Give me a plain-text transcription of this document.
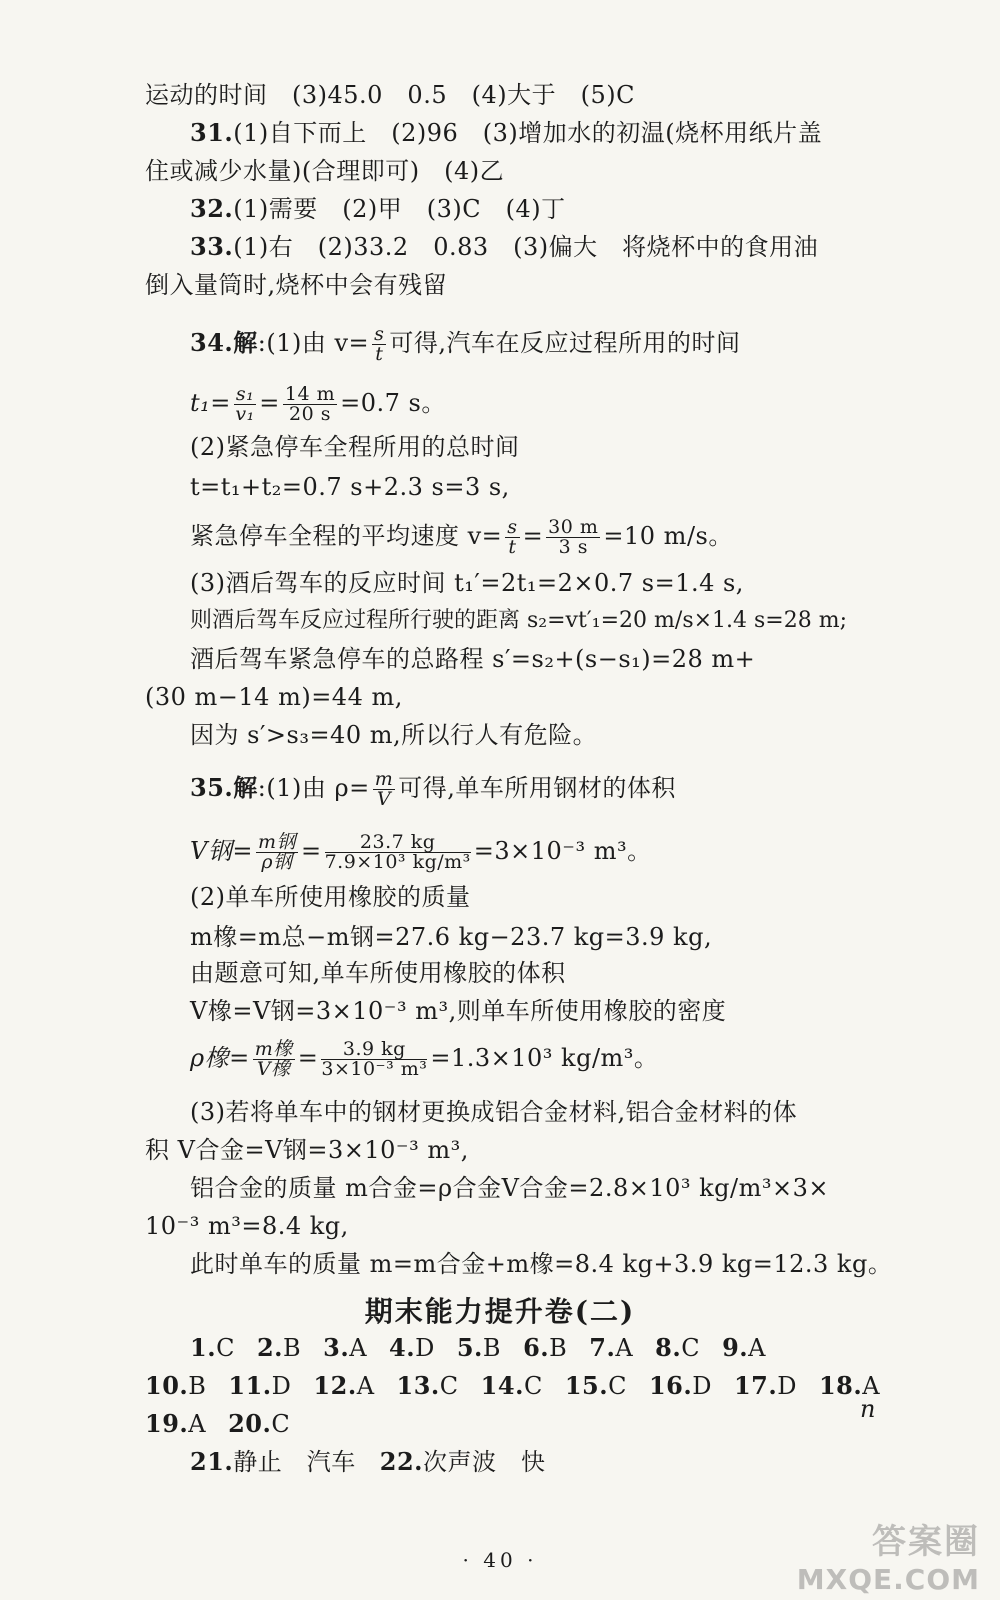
运动的时间　(3)45.0　0.5　(4)大于　(5)C
31.(1)自下而上　(2)96　(3)增加水的初温(烧杯用纸片盖
住或减少水量)(合理即可)　(4)乙
32.(1)需要　(2)甲　(3)C　(4)丁
33.(1)右　(2)33.2　0.83　(3)偏大　将烧杯中的食用油
倒入量筒时,烧杯中会有残留
34.解:(1)由 $v= \frac{s}{t}$ 可得,汽车在反应过程所用的时间
$t_1= \frac{\text{s₁}}{\text{v₁}} = \frac{14 m}{20 s} =0.7$ s。
(2)紧急停车全程所用的总时间
t=t₁+t₂=0.7 s+2.3 s=3 s,
紧急停车全程的平均速度 $v= \frac{s}{t} = \frac{30 m}{3 s} =10$ m/s。
(3)酒后驾车的反应时间 t₁′=2t₁=2×0.7 s=1.4 s,
则酒后驾车反应过程所行驶的距离 s₂=vt′₁=20 m/s×1.4 s=28 m;
酒后驾车紧急停车的总路程 s′=s₂+(s−s₁)=28 m+
(30 m−14 m)=44 m,
因为 s′>s₃=40 m,所以行人有危险。
35.解:(1)由 $\rho= \frac{m}{V}$ 可得,单车所用钢材的体积
V钢= $\frac{\text{m钢}}{\text{ρ钢}} = \frac{23.7 kg}{\text{7.9×10³ kg/m³}} =3\times 10^{-3}$ m³。
(2)单车所使用橡胶的质量
m橡=m总−m钢=27.6 kg−23.7 kg=3.9 kg,
由题意可知,单车所使用橡胶的体积
V橡=V钢=3×10⁻³ m³,则单车所使用橡胶的密度
ρ橡= $\frac{\text{m橡}}{\text{V橡}} = \frac{3.9 kg}{\text{3×10⁻³ m³}} =1.3\times 10^3$ kg/m³。
(3)若将单车中的钢材更换成铝合金材料,铝合金材料的体
积 V合金=V钢=3×10⁻³ m³,
铝合金的质量 m合金=ρ合金V合金=2.8×10³ kg/m³×3×
10⁻³ m³=8.4 kg,
此时单车的质量 m=m合金+m橡=8.4 kg+3.9 kg=12.3 kg。
期末能力提升卷(二)
1.C 2.B 3.A 4.D 5.B 6.B 7.A 8.C 9.A
10.B 11.D 12.A 13.C 14.C 15.C 16.D 17.D 18.A
19.A 20.C
21.静止　汽车 22.次声波　快
n
· 40 ·	答案圈
MXQE.COM
